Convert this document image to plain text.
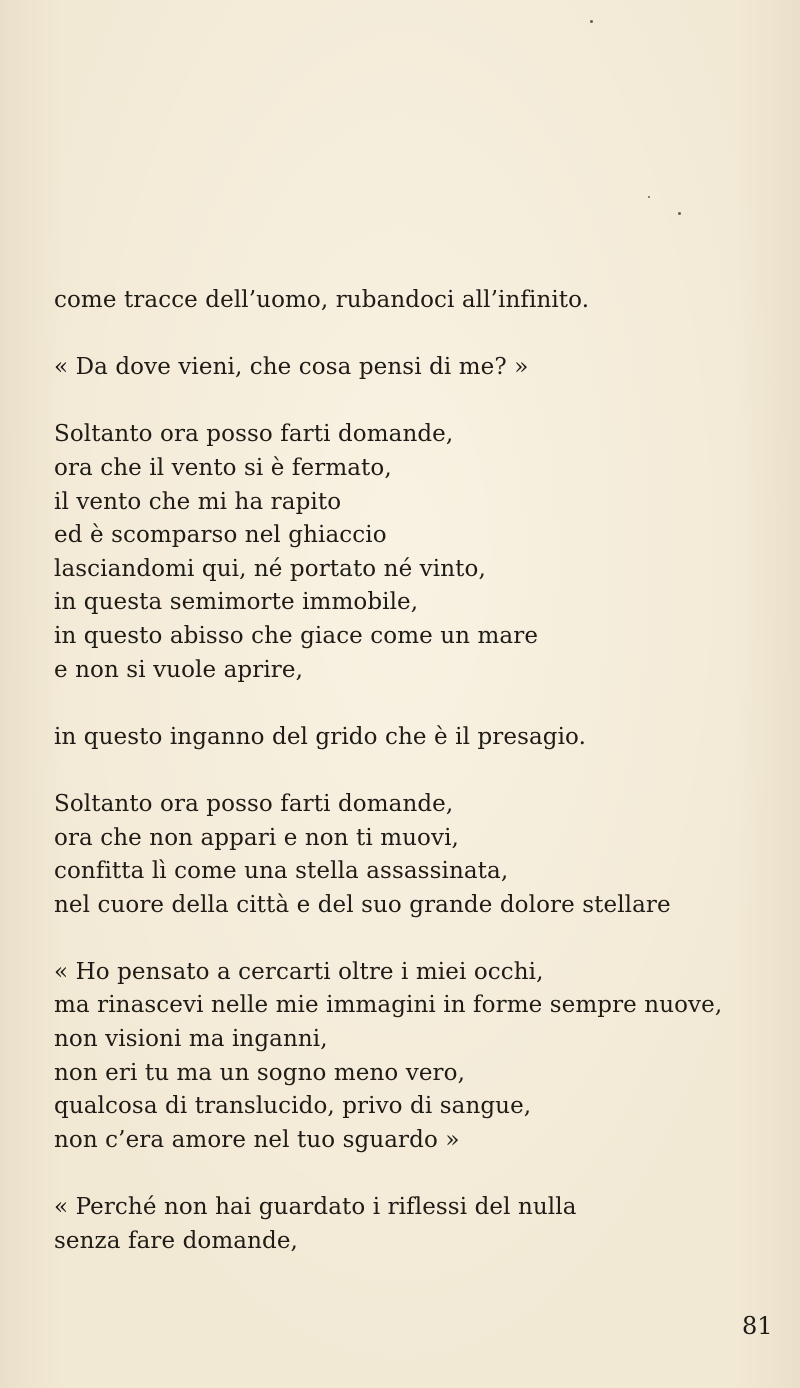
come tracce dell’uomo, rubandoci all’infinito.
« Da dove vieni, che cosa pensi di me? »
Soltanto ora posso farti domande,
ora che il vento si è fermato,
il vento che mi ha rapito
ed è scomparso nel ghiaccio
lasciandomi qui, né portato né vinto,
in questa semimorte immobile,
in questo abisso che giace come un mare
e non si vuole aprire,
in questo inganno del grido che è il presagio.
Soltanto ora posso farti domande,
ora che non appari e non ti muovi,
confitta lì come una stella assassinata,
nel cuore della città e del suo grande dolore stellare
« Ho pensato a cercarti oltre i miei occhi,
ma rinascevi nelle mie immagini in forme sempre nuove,
non visioni ma inganni,
non eri tu ma un sogno meno vero,
qualcosa di translucido, privo di sangue,
non c’era amore nel tuo sguardo »
« Perché non hai guardato i riflessi del nulla
senza fare domande,
81
